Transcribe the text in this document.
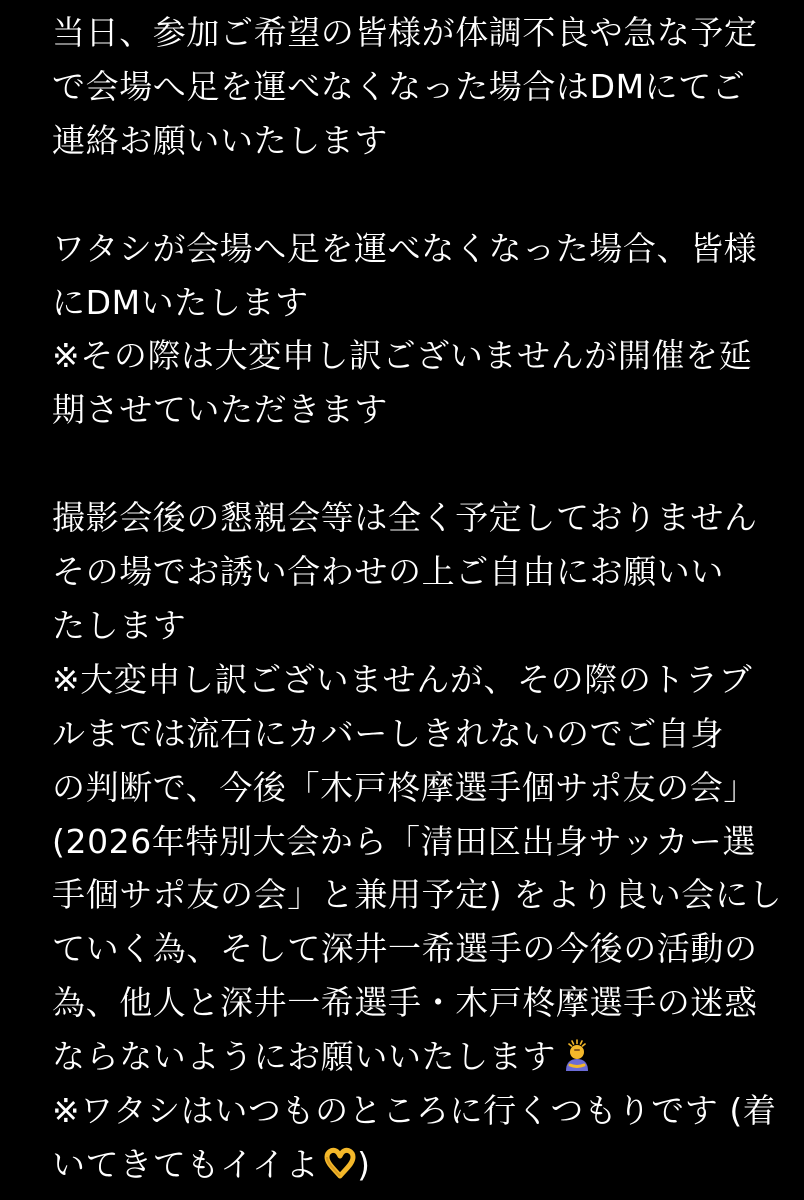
当日、参加ご希望の皆様が体調不良や急な予定
で会場へ足を運べなくなった場合はDMにてご
連絡お願いいたします
ワタシが会場へ足を運べなくなった場合、皆様
にDMいたします
※その際は大変申し訳ございませんが開催を延
期させていただきます
撮影会後の懇親会等は全く予定しておりません
その場でお誘い合わせの上ご自由にお願いい
たします
※大変申し訳ございませんが、その際のトラブ
ルまでは流石にカバーしきれないのでご自身
の判断で、今後「木戸柊摩選手個サポ友の会」
(2026年特別大会から「清田区出身サッカー選
手個サポ友の会」と兼用予定) をより良い会にし
ていく為、そして深井一希選手の今後の活動の
為、他人と深井一希選手・木戸柊摩選手の迷惑
ならないようにお願いいたします
※ワタシはいつものところに行くつもりです (着
いてきてもイイよ )
